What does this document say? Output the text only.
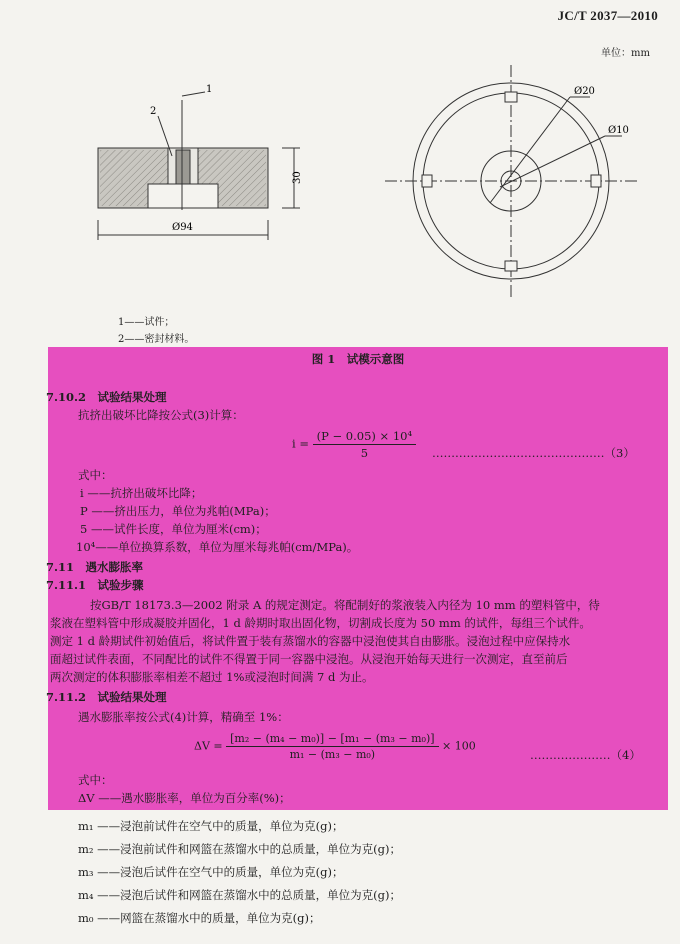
JC/T 2037—2010
单位：mm
1
2
30
Ø94
Ø20
Ø10
1——试件；
2——密封材料。
图 1　试模示意图
7.10.2　试验结果处理
抗挤出破坏比降按公式(3)计算：
$i = \frac{\text{(P − 0.05) × 10⁴}}{5}$ ………………………………………（3）
式中：
i ——抗挤出破坏比降；
P ——挤出压力，单位为兆帕(MPa)；
5 ——试件长度，单位为厘米(cm)；
10⁴——单位换算系数，单位为厘米每兆帕(cm/MPa)。
7.11　遇水膨胀率
7.11.1　试验步骤
按GB/T 18173.3—2002 附录 A 的规定测定。将配制好的浆液装入内径为 10 mm 的塑料管中，待
浆液在塑料管中形成凝胶并固化，1 d 龄期时取出固化物，切割成长度为 50 mm 的试件，每组三个试件。
测定 1 d 龄期试件初始值后，将试件置于装有蒸馏水的容器中浸泡使其自由膨胀。浸泡过程中应保持水
面超过试件表面，不同配比的试件不得置于同一容器中浸泡。从浸泡开始每天进行一次测定，直至前后
两次测定的体积膨胀率相差不超过 1%或浸泡时间满 7 d 为止。
7.11.2　试验结果处理
遇水膨胀率按公式(4)计算，精确至 1%：
$\Delta V = \frac{\text{[m₂ − (m₄ − m₀)] − [m₁ − (m₃ − m₀)]}}{\text{m₁ − (m₃ − m₀)}} \times 100$
…………………（4）
式中：
ΔV ——遇水膨胀率，单位为百分率(%)；
m₁ ——浸泡前试件在空气中的质量，单位为克(g)；
m₂ ——浸泡前试件和网篮在蒸馏水中的总质量，单位为克(g)；
m₃ ——浸泡后试件在空气中的质量，单位为克(g)；
m₄ ——浸泡后试件和网篮在蒸馏水中的总质量，单位为克(g)；
m₀ ——网篮在蒸馏水中的质量，单位为克(g)；
